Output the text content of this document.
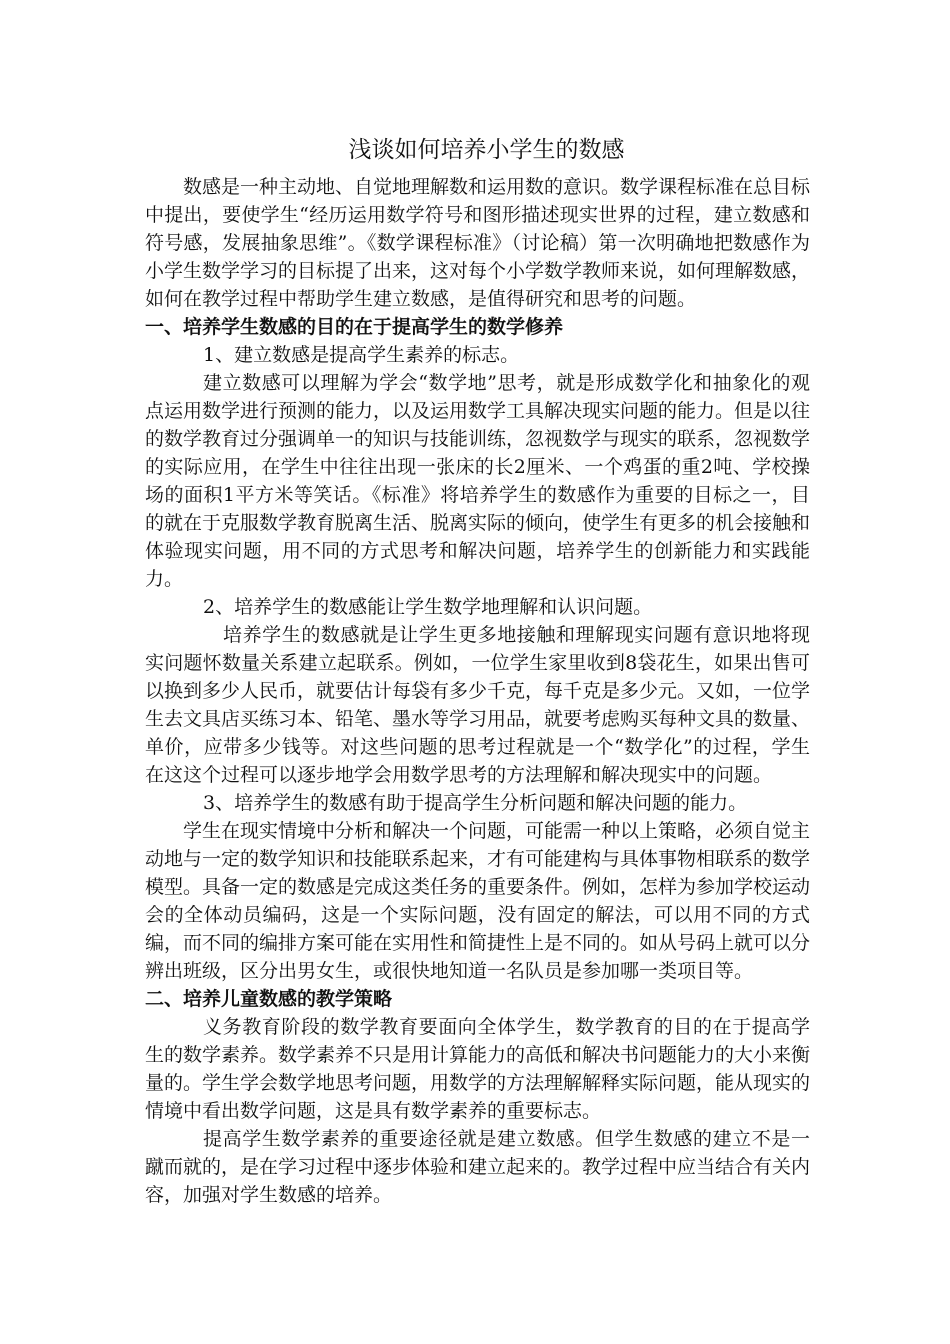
浅谈如何培养小学生的数感

数感是一种主动地、自觉地理解数和运用数的意识。数学课程标准在总目标中提出，要使学生“经历运用数学符号和图形描述现实世界的过程，建立数感和符号感，发展抽象思维”。《数学课程标准》（讨论稿）第一次明确地把数感作为小学生数学学习的目标提了出来，这对每个小学数学教师来说，如何理解数感，如何在教学过程中帮助学生建立数感，是值得研究和思考的问题。

一、培养学生数感的目的在于提高学生的数学修养

1、建立数感是提高学生素养的标志。

建立数感可以理解为学会“数学地”思考，就是形成数学化和抽象化的观点运用数学进行预测的能力，以及运用数学工具解决现实问题的能力。但是以往的数学教育过分强调单一的知识与技能训练，忽视数学与现实的联系，忽视数学的实际应用，在学生中往往出现一张床的长2厘米、一个鸡蛋的重2吨、学校操场的面积1平方米等笑话。《标准》将培养学生的数感作为重要的目标之一，目的就在于克服数学教育脱离生活、脱离实际的倾向，使学生有更多的机会接触和体验现实问题，用不同的方式思考和解决问题，培养学生的创新能力和实践能力。

2、培养学生的数感能让学生数学地理解和认识问题。

培养学生的数感就是让学生更多地接触和理解现实问题有意识地将现实问题怀数量关系建立起联系。例如，一位学生家里收到8袋花生，如果出售可以换到多少人民币，就要估计每袋有多少千克，每千克是多少元。又如，一位学生去文具店买练习本、铅笔、墨水等学习用品，就要考虑购买每种文具的数量、单价，应带多少钱等。对这些问题的思考过程就是一个“数学化”的过程，学生在这这个过程可以逐步地学会用数学思考的方法理解和解决现实中的问题。

3、培养学生的数感有助于提高学生分析问题和解决问题的能力。

学生在现实情境中分析和解决一个问题，可能需一种以上策略，必须自觉主动地与一定的数学知识和技能联系起来，才有可能建构与具体事物相联系的数学模型。具备一定的数感是完成这类任务的重要条件。例如，怎样为参加学校运动会的全体动员编码，这是一个实际问题，没有固定的解法，可以用不同的方式编，而不同的编排方案可能在实用性和简捷性上是不同的。如从号码上就可以分辨出班级，区分出男女生，或很快地知道一名队员是参加哪一类项目等。

二、培养儿童数感的教学策略

义务教育阶段的数学教育要面向全体学生，数学教育的目的在于提高学生的数学素养。数学素养不只是用计算能力的高低和解决书问题能力的大小来衡量的。学生学会数学地思考问题，用数学的方法理解解释实际问题，能从现实的情境中看出数学问题，这是具有数学素养的重要标志。

提高学生数学素养的重要途径就是建立数感。但学生数感的建立不是一蹴而就的，是在学习过程中逐步体验和建立起来的。教学过程中应当结合有关内容，加强对学生数感的培养。
